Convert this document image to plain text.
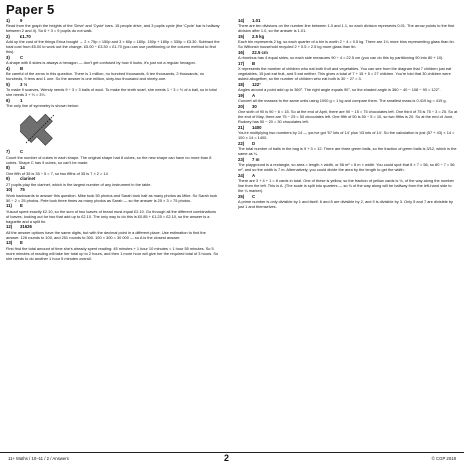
Paper 5
1) 9

Read from the graph the heights of the 'Drive' and 'Cycle' bars. 15 people drive, and 3 pupils cycle (the 'Cycle' bar is halfway between 2 and 4). So 6 + 3 = 9 pupils do not walk.

2) £1.70

Add up the cost of the things Erica bought → 2 × 75p = 150p and 3 × 60p = 180p. 150p + 180p = 330p = £3.30. Subtract the total cost from £5.00 to work out the change. £5.00 − £3.30 = £1.70 (you can use partitioning or the column method to find this).

3) C

A shape with 6 sides is always a hexagon — don't get confused by how it looks, it's just not a regular hexagon.

4) B

Be careful of the zeros in this question. There is 1 million, no hundred thousands, 6 ten thousands, 2 thousands, no hundreds, 9 tens and 1 one. So the answer is one million, sixty-two thousand and ninety-one.

5) 3 ⅓

To make 9 scarves, Wendy needs 9 ÷ 3 = 3 balls of wool. To make the tenth scarf, she needs 1 ÷ 3 = ⅓ of a ball, so in total she needs 3 + ⅓ = 3⅓.

6) 1

The only line of symmetry is shown below:

7) C

Count the number of cubes in each shape. The original shape had 8 cubes, so the new shape can have no more than 8 cubes. Shape C has 9 cubes, so can't be made.

8) 14

One fifth of 35 is 35 ÷ 5 = 7, so two fifths of 35 is 7 × 2 = 14

9) clarinet

27 pupils play the clarinet, which is the largest number of any instrument in the table.

10) 75

Work backwards to answer this question. Mike took 50 photos and Sarah took half as many photos as Mike. So Sarah took 50 ÷ 2 = 25 photos. Pete took three times as many photos as Sarah — so the answer is 25 × 3 = 75 photos.

11) E

Yusouf spent exactly £2.10, so the sum of two loaves of bread must equal £2.10. Go through all the different combinations of loaves, looking out for two that add up to £2.10. The only way to do this is £0.85 + £1.25 = £2.10, so the answer is a baguette and a split tin.

12) 31626

All the answer options have the same digits, but with the decimal point in a different place. Use estimation to find the answer. 126 rounds to 100, and 251 rounds to 300. 100 × 300 = 30 000 — so A is the closest answer.

13) E

First find the total amount of time she's already spent reading: 45 minutes + 1 hour 10 minutes = 1 hour 55 minutes. So 5 more minutes of reading will take her total up to 2 hours, and then 1 more hour will give her the required total of 3 hours. So she needs to do another 1 hour 5 minutes overall.

14) 1.01

There are ten divisions on the number line between 1.0 and 1.1, so each division represents 0.01. The arrow points to the first division after 1.0, so the answer is 1.01.

15) 2.5 kg

Each bin represents 2 kg, so each quarter of a bin is worth 2 ÷ 4 = 0.5 kg. There are 1¼ more bins representing glass than tin. So Wiltonsh household recycled 2 + 0.5 = 2.5 kg more glass than tin.

16) 22.5 cm

A rhombus has 4 equal sides, so each side measures 90 ÷ 4 = 22.5 cm (you can do this by partitioning 90 into 80 + 10).

17) B

X represents the number of children who eat both fruit and vegetables. You can see from the diagram that 7 children just eat vegetables, 15 just eat fruit, and 5 eat neither. This gives a total of 7 + 15 + 5 = 27 children. You're told that 30 children were asked altogether, so the number of children who eat both is 30 − 27 = 3.

18) 122°

Angles around a point add up to 360°. The right angle equals 90°, so the shaded angle is 360 − 40 − 108 − 90 = 122°.

19) A

Convert all the masses to the same units using 1000 g = 1 kg and compare them. The smallest mass is 0.419 kg = 419 g.

20) 30

One sixth of 90 is 90 ÷ 6 = 15. So at the end of April, there are 90 − 15 = 75 chocolates left. One third of 75 is 75 ÷ 3 = 25. So at the end of May, there are 75 − 25 = 50 chocolates left. One fifth of 50 is 50 ÷ 5 = 10, so two fifths is 20. So at the end of June, Rodney has 50 − 20 = 30 chocolates left.

21) 1400

You're multiplying two numbers by 14 — you've got '57 lots of 14' plus '43 lots of 14'. So the calculation is just (57 + 43) × 14 = 100 × 14 = 1400.

22) D

The total number of balls in the bag is 9 + 3 = 12. There are three green balls, so the fraction of green balls is 3/12, which is the same as ¼.

23) 7 m

The playground is a rectangle, so area = length × width, or 56 m² = 8 m × width. You could spot that 8 × 7 = 56, so 80 ÷ 7 = 56 m², and so the width is 7 m. Alternatively, you could divide the area by the length to get the width.

24) A

There are 3 + 4 + 1 = 8 cards in total. One of these is yellow, so the fraction of yellow cards is ⅛, of the way along the number line from the left. This is A. (The scale is split into quarters — so ⅛ of the way along will be halfway from the left-hand side to the ¼ marker).

25) C

A prime number is only divisible by 1 and itself. 6 and 8 are divisible by 2, and 9 is divisible by 3. Only 5 and 7 are divisible by just 1 and themselves.

11+ Maths / 10–11 / 2 / Answers	2	© CGP 2018
